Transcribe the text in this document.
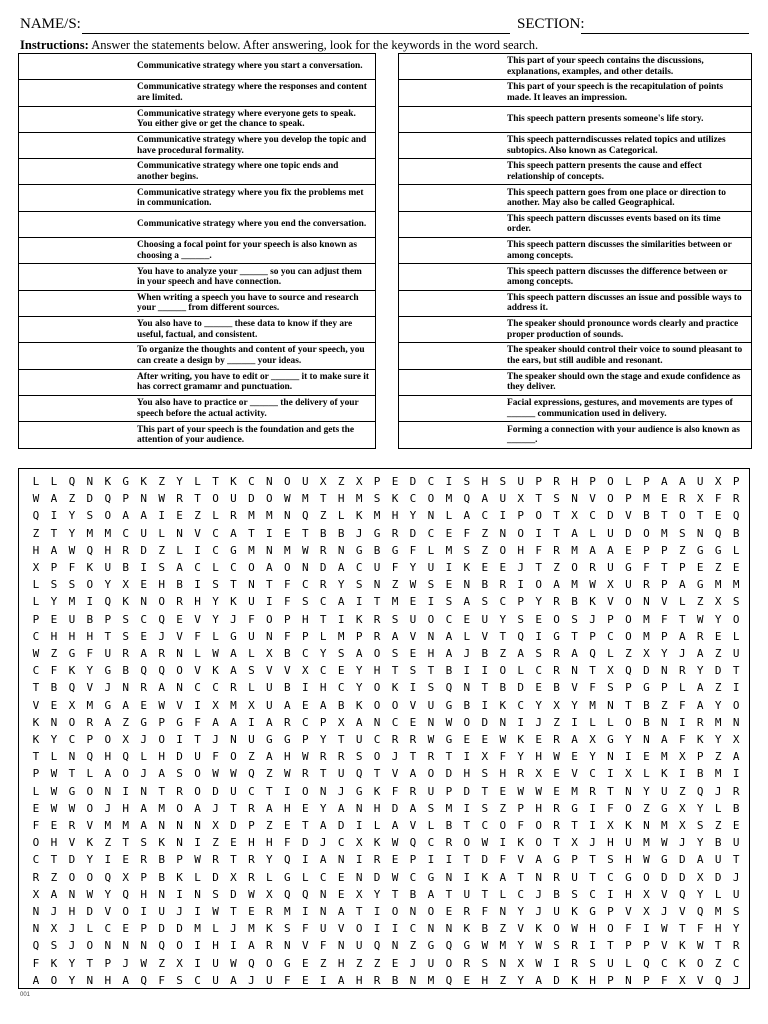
NAME/S:	SECTION:
Instructions: Answer the statements below. After answering, look for the keywords in the word search.
Communicative strategy where you start a conversation.
Communicative strategy where the responses and content are limited.
Communicative strategy where everyone gets to speak. You either give or get the chance to speak.
Communicative strategy where you develop the topic and have procedural formality.
Communicative strategy where one topic ends and another begins.
Communicative strategy where you fix the problems met in communication.
Communicative strategy where you end the conversation.
Choosing a focal point for your speech is also known as choosing a ______.
You have to analyze your ______ so you can adjust them in your speech and have connection.
When writing a speech you have to source and research your ______ from different sources.
You also have to ______ these data to know if they are useful, factual, and consistent.
To organize the thoughts and content of your speech, you can create a design by ______ your ideas.
After writing, you have to edit or ______ it to make sure it has correct gramamr and punctuation.
You also have to practice or ______ the delivery of your speech before the actual activity.
This part of your speech is the foundation and gets the attention of your audience.
This part of your speech contains the discussions, explanations, examples, and other details.
This part of your speech is the recapitulation of points made. It leaves an impression.
This speech pattern presents someone's life story.
This speech patterndiscusses related topics and utilizes subtopics. Also known as Categorical.
This speech pattern presents the cause and effect relationship of concepts.
This speech pattern goes from one place or direction to another. May also be called Geographical.
This speech pattern discusses events based on its time order.
This speech pattern discusses the similarities between or among concepts.
This speech pattern discusses the difference between or among concepts.
This speech pattern discusses an issue and possible ways to address it.
The speaker should pronounce words clearly and practice proper production of sounds.
The speaker should control their voice to sound pleasant to the ears, but still audible and resonant.
The speaker should own the stage and exude confidence as they deliver.
Facial expressions, gestures, and movements are types of ______ communication used in delivery.
Forming a connection with your audience is also known as ______.
L	L	Q	N	K	G	K	Z	Y	L	T	K	C	N	O	U	X	Z	X	P	E	D	C	I	S	H	S	U	P	R	H	P	O	L	P	A	A	U	X	P
W	A	Z	D	Q	P	N	W	R	T	O	U	D	O	W	M	T	H	M	S	K	C	O	M	Q	A	U	X	T	S	N	V	O	P	M	E	R	X	F	R
Q	I	Y	S	O	A	A	I	E	Z	L	R	M	M	N	Q	Z	L	K	M	H	Y	N	L	A	C	I	P	O	T	X	C	D	V	B	T	O	T	E	Q
Z	T	Y	M	M	C	U	L	N	V	C	A	T	I	E	T	B	B	J	G	R	D	C	E	F	Z	N	O	I	T	A	L	U	D	O	M	S	N	Q	B
H	A	W	Q	H	R	D	Z	L	I	C	G	M	N	M	W	R	N	G	B	G	F	L	M	S	Z	O	H	F	R	M	A	A	E	P	P	Z	G	G	L
X	P	F	K	U	B	I	S	A	C	L	C	O	A	O	N	D	A	C	U	F	Y	U	I	K	E	E	J	T	Z	O	R	U	G	F	T	P	E	Z	E
L	S	S	O	Y	X	E	H	B	I	S	T	N	T	F	C	R	Y	S	N	Z	W	S	E	N	B	R	I	O	A	M	W	X	U	R	P	A	G	M	M
L	Y	M	I	Q	K	N	O	R	H	Y	K	U	I	F	S	C	A	I	T	M	E	I	S	A	S	C	P	Y	R	B	K	V	O	N	V	L	Z	X	S
P	E	U	B	P	S	C	Q	E	V	Y	J	F	O	P	H	T	I	K	R	S	U	O	C	E	U	Y	S	E	O	S	J	P	O	M	F	T	W	Y	O
C	H	H	H	T	S	E	J	V	F	L	G	U	N	F	P	L	M	P	R	A	V	N	A	L	V	T	Q	I	G	T	P	C	O	M	P	A	R	E	L
W	Z	G	F	U	R	A	R	N	L	W	A	L	X	B	C	Y	S	A	O	S	E	H	A	J	B	Z	A	S	R	A	Q	L	Z	X	Y	J	A	Z	U
C	F	K	Y	G	B	Q	Q	O	V	K	A	S	V	V	X	C	E	Y	H	T	S	T	B	I	I	O	L	C	R	N	T	X	Q	D	N	R	Y	D	T
T	B	Q	V	J	N	R	A	N	C	C	R	L	U	B	I	H	C	Y	O	K	I	S	Q	N	T	B	D	E	B	V	F	S	P	G	P	L	A	Z	I
V	E	X	M	G	A	E	W	V	I	X	M	X	U	A	E	A	B	K	O	O	V	U	G	B	I	K	C	Y	X	Y	M	N	T	B	Z	F	A	Y	O
K	N	O	R	A	Z	G	P	G	F	A	A	I	A	R	C	P	X	A	N	C	E	N	W	O	D	N	I	J	Z	I	L	L	O	B	N	I	R	M	N
K	Y	C	P	O	X	J	O	I	T	J	N	U	G	G	P	Y	T	U	C	R	R	W	G	E	E	W	K	E	R	A	X	G	Y	N	A	F	K	Y	X
T	L	N	Q	H	Q	L	H	D	U	F	O	Z	A	H	W	R	R	S	O	J	T	R	T	I	X	F	Y	H	W	E	Y	N	I	E	M	X	P	Z	A
P	W	T	L	A	O	J	A	S	O	W	W	Q	Z	W	R	T	U	Q	T	V	A	O	D	H	S	H	R	X	E	V	C	I	X	L	K	I	B	M	I
L	W	G	O	N	I	N	T	R	O	D	U	C	T	I	O	N	J	G	K	F	R	U	P	D	T	E	W	W	E	M	R	T	N	Y	U	Z	Q	J	R
E	W	W	O	J	H	A	M	O	A	J	T	R	A	H	E	Y	A	N	H	D	A	S	M	I	S	Z	P	H	R	G	I	F	O	Z	G	X	Y	L	B
F	E	R	V	M	M	A	N	N	N	X	D	P	Z	E	T	A	D	I	L	A	V	L	B	T	C	O	F	O	R	T	I	X	K	N	M	X	S	Z	E
O	H	V	K	Z	T	S	K	N	I	Z	E	H	H	F	D	J	C	X	K	W	Q	C	R	O	W	I	K	O	T	X	J	H	U	M	W	J	Y	B	U
C	T	D	Y	I	E	R	B	P	W	R	T	R	Y	Q	I	A	N	I	R	E	P	I	I	T	D	F	V	A	G	P	T	S	H	W	G	D	A	U	T
R	Z	O	O	Q	X	P	B	K	L	D	X	R	L	G	L	C	E	N	D	W	C	G	N	I	K	A	T	N	R	U	T	C	G	O	D	D	X	D	J
X	A	N	W	Y	Q	H	N	I	N	S	D	W	X	Q	Q	N	E	X	Y	T	B	A	T	U	T	L	C	J	B	S	C	I	H	X	V	Q	Y	L	U
N	J	H	D	V	O	I	U	J	I	W	T	E	R	M	I	N	A	T	I	O	N	O	E	R	F	N	Y	J	U	K	G	P	V	X	J	V	Q	M	S
N	X	J	L	C	E	P	D	D	M	L	J	M	K	S	F	U	V	O	I	I	C	N	N	K	B	Z	V	K	O	W	H	O	F	I	W	T	F	H	Y
Q	S	J	O	N	N	N	Q	O	I	H	I	A	R	N	V	F	N	U	Q	N	Z	G	Q	G	W	M	Y	W	S	R	I	T	P	P	V	K	W	T	R
F	K	Y	T	P	J	W	Z	X	I	U	W	Q	O	G	E	Z	H	Z	Z	E	J	U	O	R	S	N	X	W	I	R	S	U	L	Q	C	K	O	Z	C
A	O	Y	N	H	A	Q	F	S	C	U	A	J	U	F	E	I	A	H	R	B	N	M	Q	E	H	Z	Y	A	D	K	H	P	N	P	F	X	V	Q	J
001
